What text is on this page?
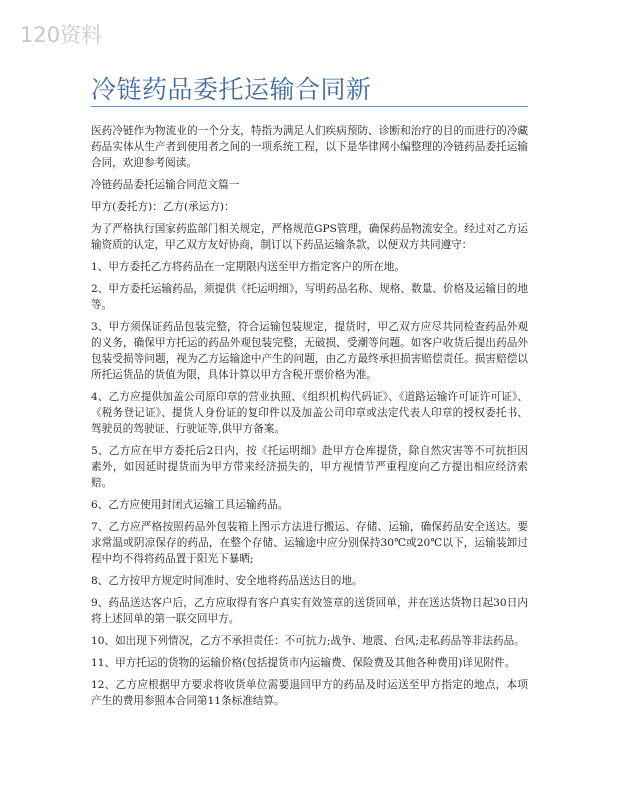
120资料
冷链药品委托运输合同新

医药冷链作为物流业的一个分支，特指为满足人们疾病预防、诊断和治疗的目的而进行的冷藏药品实体从生产者到使用者之间的一项系统工程，以下是华律网小编整理的冷链药品委托运输合同，欢迎参考阅读。

冷链药品委托运输合同范文篇一

甲方(委托方)：乙方(承运方)：

为了严格执行国家药监部门相关规定，严格规范GPS管理，确保药品物流安全。经过对乙方运输资质的认定，甲乙双方友好协商，制订以下药品运输条款，以便双方共同遵守：

1、甲方委托乙方将药品在一定期限内送至甲方指定客户的所在地。

2、甲方委托运输药品，须提供《托运明细》，写明药品名称、规格、数量、价格及运输目的地等。

3、甲方须保证药品包装完整，符合运输包装规定，提货时，甲乙双方应尽共同检查药品外观的义务，确保甲方托运的药品外观包装完整，无破损、受潮等问题。如客户收货后提出药品外包装受损等问题，视为乙方运输途中产生的问题，由乙方最终承担损害赔偿责任。损害赔偿以所托运货品的货值为限，具体计算以甲方含税开票价格为准。

4、乙方应提供加盖公司原印章的营业执照、《组织机构代码证》、《道路运输许可证许可证》、《税务登记证》、提货人身份证的复印件以及加盖公司印章或法定代表人印章的授权委托书、驾驶员的驾驶证、行驶证等,供甲方备案。

5、乙方应在甲方委托后2日内，按《托运明细》赴甲方仓库提货，除自然灾害等不可抗拒因素外，如因延时提货而为甲方带来经济损失的，甲方视情节严重程度向乙方提出相应经济索赔。

6、乙方应使用封闭式运输工具运输药品。

7、乙方应严格按照药品外包装箱上图示方法进行搬运、存储、运输，确保药品安全送达。要求常温或阴凉保存的药品，在整个存储、运输途中应分别保持30℃或20℃以下，运输装卸过程中均不得将药品置于阳光下暴晒;

8、乙方按甲方规定时间准时、安全地将药品送达目的地。

9、药品送达客户后，乙方应取得有客户真实有效签章的送货回单，并在送达货物日起30日内将上述回单的第一联交回甲方。

10、如出现下列情况，乙方不承担责任：不可抗力;战争、地震、台风;走私药品等非法药品。

11、甲方托运的货物的运输价格(包括提货市内运输费、保险费及其他各种费用)详见附件。

12、乙方应根据甲方要求将收货单位需要退回甲方的药品及时运送至甲方指定的地点，本项产生的费用参照本合同第11条标准结算。
